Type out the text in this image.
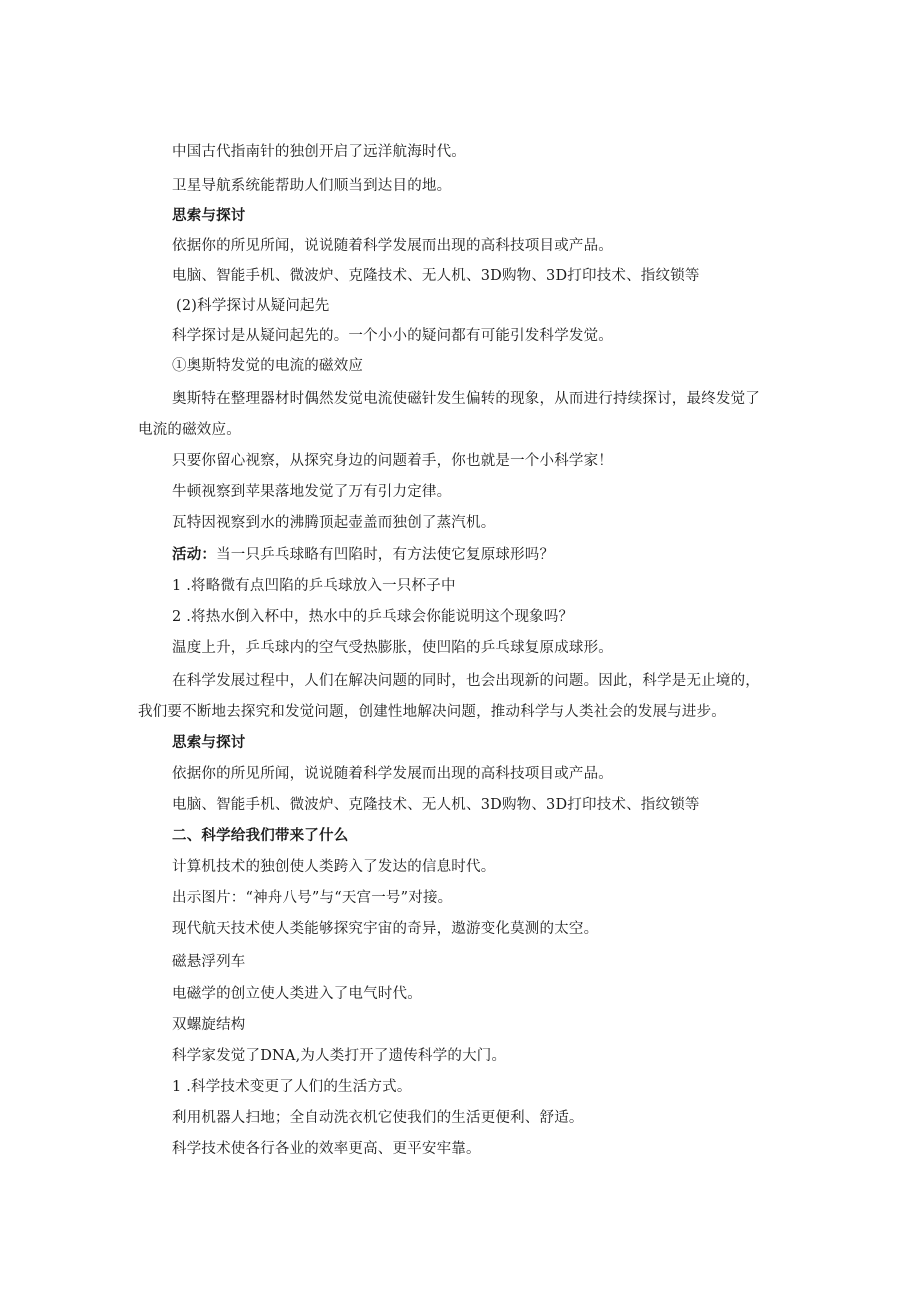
中国古代指南针的独创开启了远洋航海时代。
卫星导航系统能帮助人们顺当到达目的地。
思索与探讨
依据你的所见所闻，说说随着科学发展而出现的高科技项目或产品。
电脑、智能手机、微波炉、克隆技术、无人机、3D购物、3D打印技术、指纹锁等
(2)科学探讨从疑问起先
科学探讨是从疑问起先的。一个小小的疑问都有可能引发科学发觉。
①奥斯特发觉的电流的磁效应
奥斯特在整理器材时偶然发觉电流使磁针发生偏转的现象，从而进行持续探讨，最终发觉了
电流的磁效应。
只要你留心视察，从探究身边的问题着手，你也就是一个小科学家！
牛顿视察到苹果落地发觉了万有引力定律。
瓦特因视察到水的沸腾顶起壶盖而独创了蒸汽机。
活动：当一只乒乓球略有凹陷时，有方法使它复原球形吗？
1 .将略微有点凹陷的乒乓球放入一只杯子中
2 .将热水倒入杯中，热水中的乒乓球会你能说明这个现象吗？
温度上升，乒乓球内的空气受热膨胀，使凹陷的乒乓球复原成球形。
在科学发展过程中，人们在解决问题的同时，也会出现新的问题。因此，科学是无止境的，
我们要不断地去探究和发觉问题，创建性地解决问题，推动科学与人类社会的发展与进步。
思索与探讨
依据你的所见所闻，说说随着科学发展而出现的高科技项目或产品。
电脑、智能手机、微波炉、克隆技术、无人机、3D购物、3D打印技术、指纹锁等
二、科学给我们带来了什么
计算机技术的独创使人类跨入了发达的信息时代。
出示图片：“神舟八号”与“天宫一号”对接。
现代航天技术使人类能够探究宇宙的奇异，遨游变化莫测的太空。
磁悬浮列车
电磁学的创立使人类进入了电气时代。
双螺旋结构
科学家发觉了DNA,为人类打开了遗传科学的大门。
1 .科学技术变更了人们的生活方式。
利用机器人扫地；全自动洗衣机它使我们的生活更便利、舒适。
科学技术使各行各业的效率更高、更平安牢靠。
